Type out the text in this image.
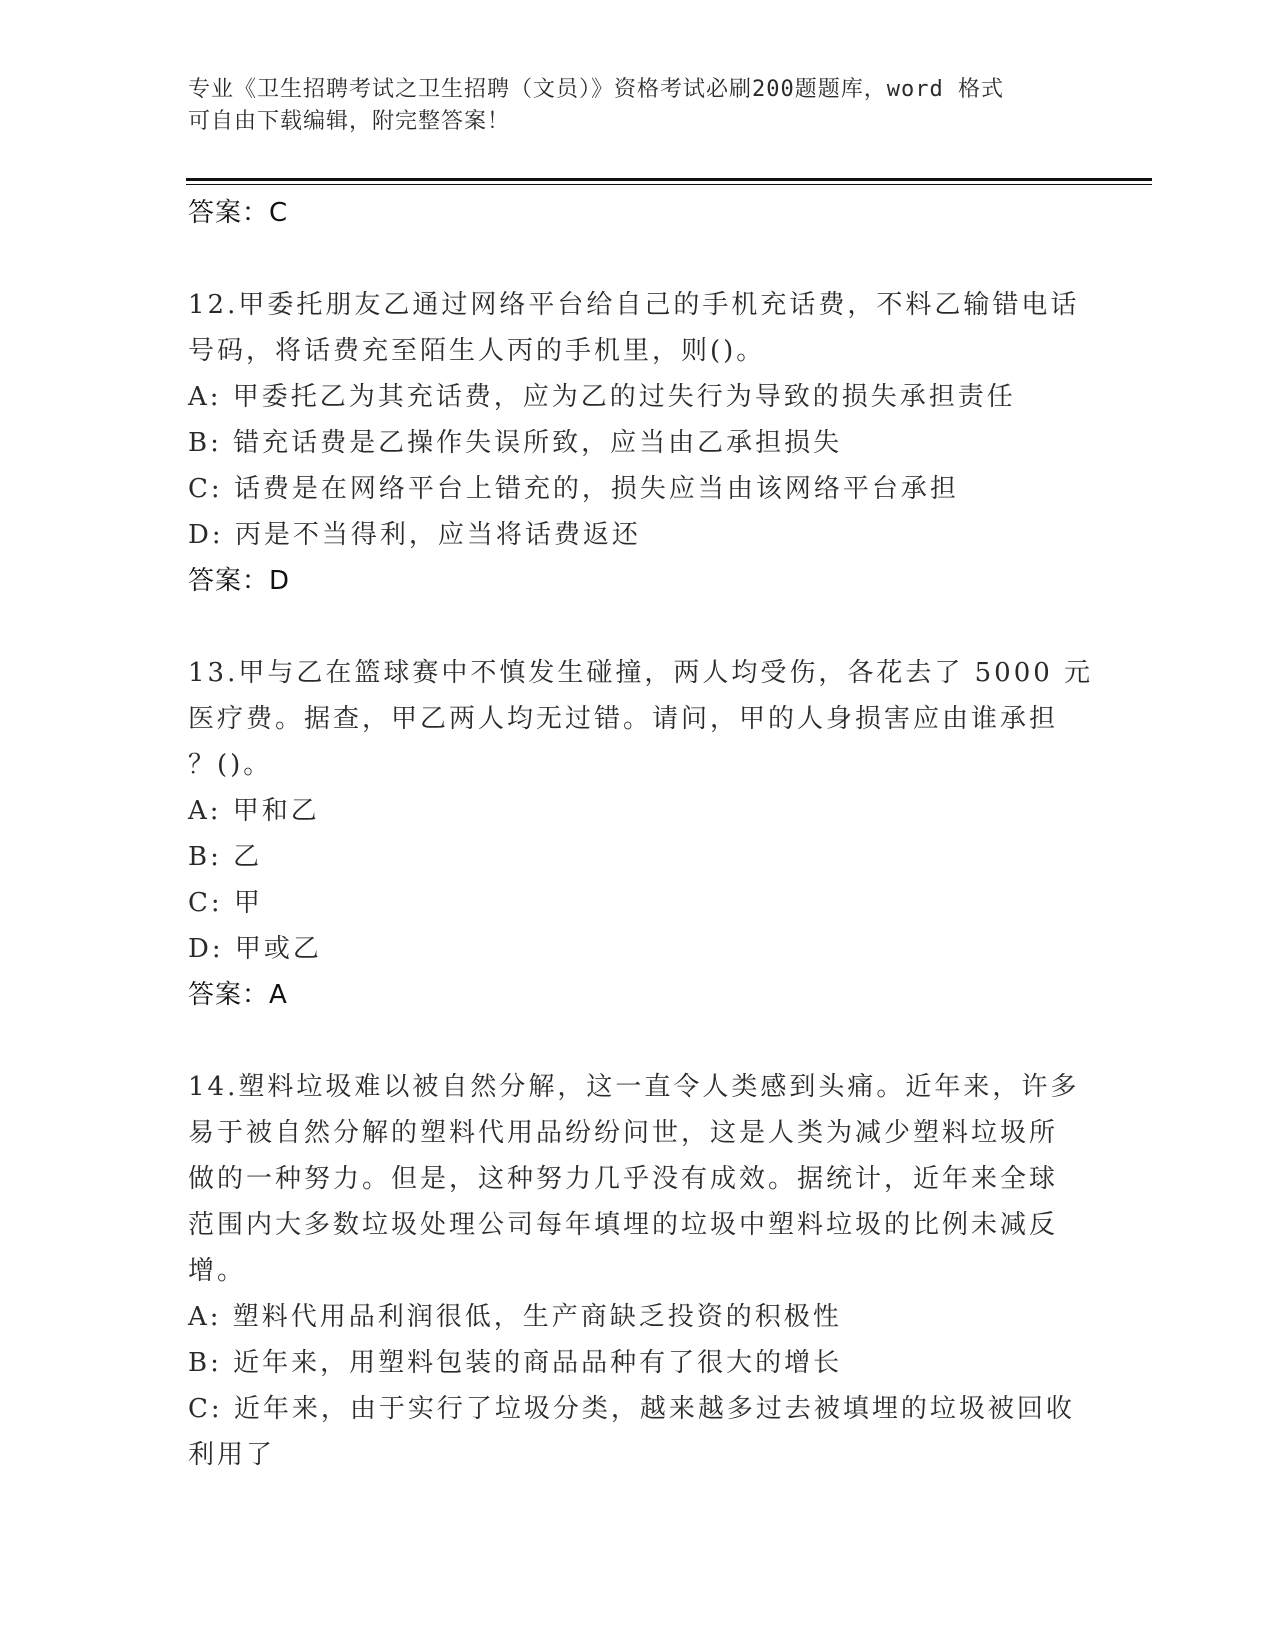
专业《卫生招聘考试之卫生招聘（文员）》资格考试必刷200题题库，word 格式
可自由下载编辑，附完整答案！
答案：C
12.甲委托朋友乙通过网络平台给自己的手机充话费，不料乙输错电话
号码，将话费充至陌生人丙的手机里，则()。
A: 甲委托乙为其充话费，应为乙的过失行为导致的损失承担责任
B: 错充话费是乙操作失误所致，应当由乙承担损失
C: 话费是在网络平台上错充的，损失应当由该网络平台承担
D: 丙是不当得利，应当将话费返还
答案：D
13.甲与乙在篮球赛中不慎发生碰撞，两人均受伤，各花去了 5000 元
医疗费。据查，甲乙两人均无过错。请问，甲的人身损害应由谁承担
？()。
A: 甲和乙
B: 乙
C: 甲
D: 甲或乙
答案：A
14.塑料垃圾难以被自然分解，这一直令人类感到头痛。近年来，许多
易于被自然分解的塑料代用品纷纷问世，这是人类为减少塑料垃圾所
做的一种努力。但是，这种努力几乎没有成效。据统计，近年来全球
范围内大多数垃圾处理公司每年填埋的垃圾中塑料垃圾的比例未减反
增。
A: 塑料代用品利润很低，生产商缺乏投资的积极性
B: 近年来，用塑料包装的商品品种有了很大的增长
C: 近年来，由于实行了垃圾分类，越来越多过去被填埋的垃圾被回收
利用了
